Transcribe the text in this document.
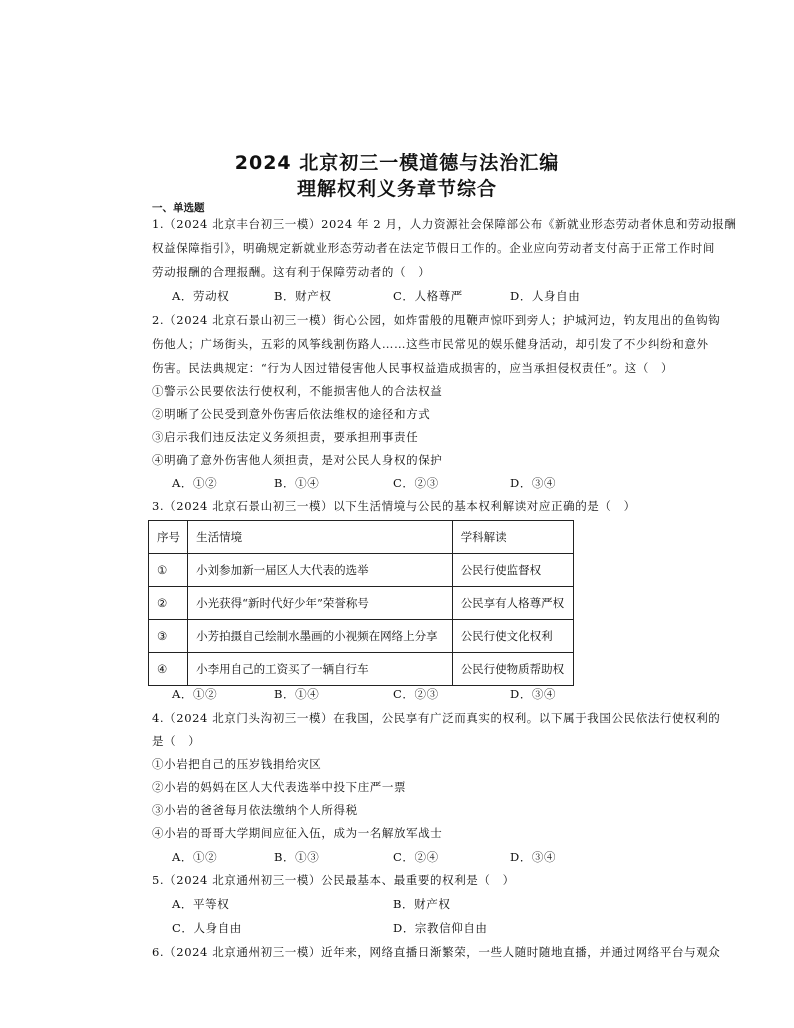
2024 北京初三一模道德与法治汇编
理解权利义务章节综合
一、单选题
1.（2024 北京丰台初三一模）2024 年 2 月，人力资源社会保障部公布《新就业形态劳动者休息和劳动报酬
权益保障指引》，明确规定新就业形态劳动者在法定节假日工作的。企业应向劳动者支付高于正常工作时间
劳动报酬的合理报酬。这有利于保障劳动者的（　）
A．劳动权	B．财产权	C．人格尊严	D．人身自由
2.（2024 北京石景山初三一模）街心公园，如炸雷般的甩鞭声惊吓到旁人；护城河边，钓友甩出的鱼钩钩
伤他人；广场街头，五彩的风筝线割伤路人……这些市民常见的娱乐健身活动，却引发了不少纠纷和意外
伤害。民法典规定：“行为人因过错侵害他人民事权益造成损害的，应当承担侵权责任”。这（　）
①警示公民要依法行使权利，不能损害他人的合法权益
②明晰了公民受到意外伤害后依法维权的途径和方式
③启示我们违反法定义务须担责，要承担刑事责任
④明确了意外伤害他人须担责，是对公民人身权的保护
A．①②	B．①④	C．②③	D．③④
3.（2024 北京石景山初三一模）以下生活情境与公民的基本权利解读对应正确的是（　）
序号	生活情境	学科解读
①	小刘参加新一届区人大代表的选举	公民行使监督权
②	小光获得“新时代好少年”荣誉称号	公民享有人格尊严权
③	小芳拍摄自己绘制水墨画的小视频在网络上分享	公民行使文化权利
④	小李用自己的工资买了一辆自行车	公民行使物质帮助权
A．①②	B．①④	C．②③	D．③④
4.（2024 北京门头沟初三一模）在我国，公民享有广泛而真实的权利。以下属于我国公民依法行使权利的
是（　）
①小岩把自己的压岁钱捐给灾区
②小岩的妈妈在区人大代表选举中投下庄严一票
③小岩的爸爸每月依法缴纳个人所得税
④小岩的哥哥大学期间应征入伍，成为一名解放军战士
A．①②	B．①③	C．②④	D．③④
5.（2024 北京通州初三一模）公民最基本、最重要的权利是（　）
A．平等权	B．财产权
C．人身自由	D．宗教信仰自由
6.（2024 北京通州初三一模）近年来，网络直播日渐繁荣，一些人随时随地直播，并通过网络平台与观众
